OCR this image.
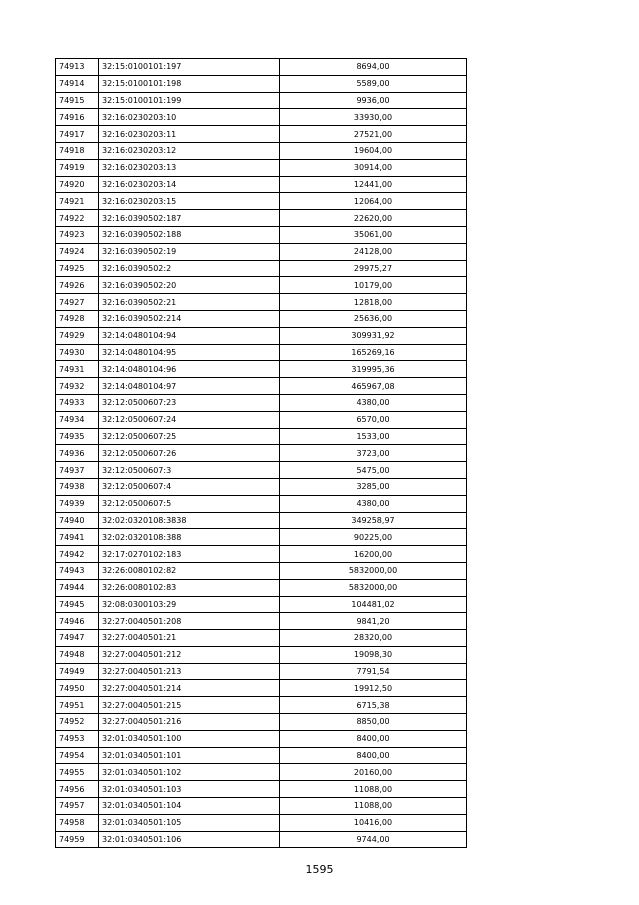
74913	32:15:0100101:197	8694,00
74914	32:15:0100101:198	5589,00
74915	32:15:0100101:199	9936,00
74916	32:16:0230203:10	33930,00
74917	32:16:0230203:11	27521,00
74918	32:16:0230203:12	19604,00
74919	32:16:0230203:13	30914,00
74920	32:16:0230203:14	12441,00
74921	32:16:0230203:15	12064,00
74922	32:16:0390502:187	22620,00
74923	32:16:0390502:188	35061,00
74924	32:16:0390502:19	24128,00
74925	32:16:0390502:2	29975,27
74926	32:16:0390502:20	10179,00
74927	32:16:0390502:21	12818,00
74928	32:16:0390502:214	25636,00
74929	32:14:0480104:94	309931,92
74930	32:14:0480104:95	165269,16
74931	32:14:0480104:96	319995,36
74932	32:14:0480104:97	465967,08
74933	32:12:0500607:23	4380,00
74934	32:12:0500607:24	6570,00
74935	32:12:0500607:25	1533,00
74936	32:12:0500607:26	3723,00
74937	32:12:0500607:3	5475,00
74938	32:12:0500607:4	3285,00
74939	32:12:0500607:5	4380,00
74940	32:02:0320108:3838	349258,97
74941	32:02:0320108:388	90225,00
74942	32:17:0270102:183	16200,00
74943	32:26:0080102:82	5832000,00
74944	32:26:0080102:83	5832000,00
74945	32:08:0300103:29	104481,02
74946	32:27:0040501:208	9841,20
74947	32:27:0040501:21	28320,00
74948	32:27:0040501:212	19098,30
74949	32:27:0040501:213	7791,54
74950	32:27:0040501:214	19912,50
74951	32:27:0040501:215	6715,38
74952	32:27:0040501:216	8850,00
74953	32:01:0340501:100	8400,00
74954	32:01:0340501:101	8400,00
74955	32:01:0340501:102	20160,00
74956	32:01:0340501:103	11088,00
74957	32:01:0340501:104	11088,00
74958	32:01:0340501:105	10416,00
74959	32:01:0340501:106	9744,00
1595
